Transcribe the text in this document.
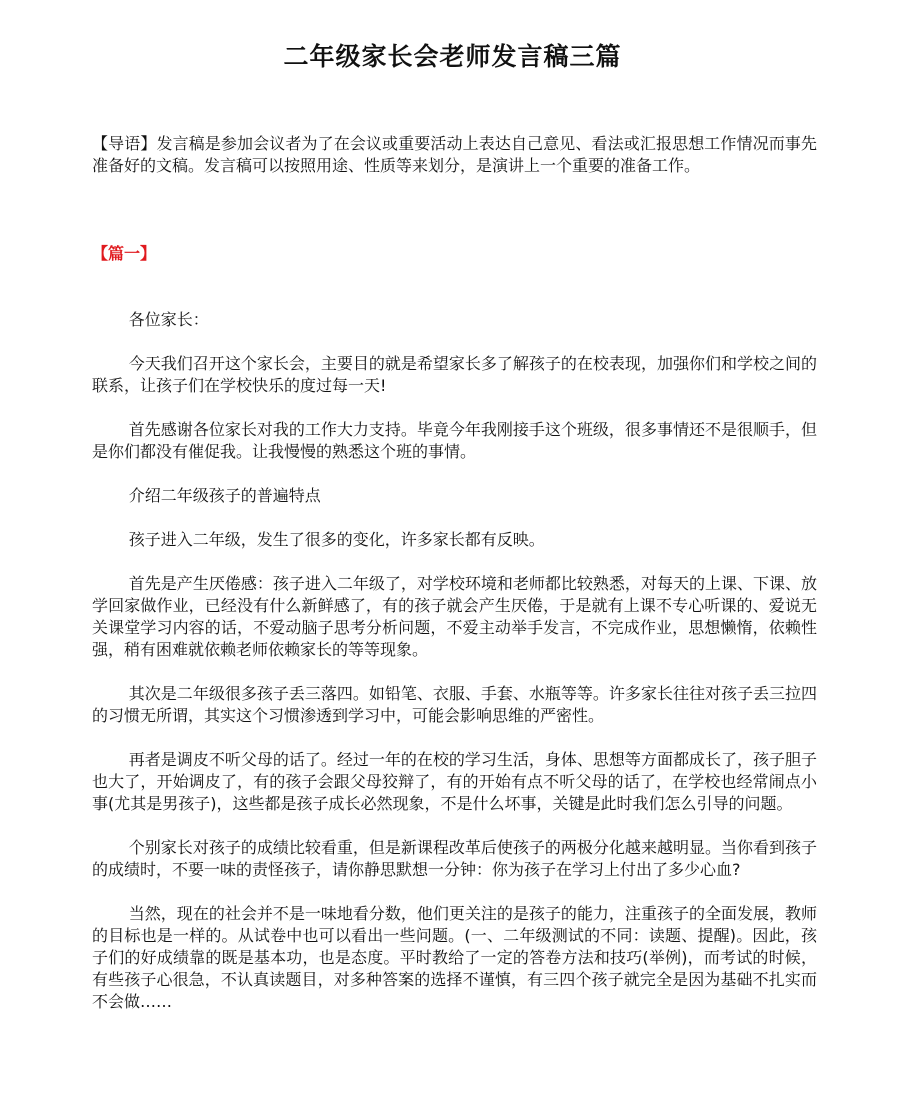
二年级家长会老师发言稿三篇
【导语】发言稿是参加会议者为了在会议或重要活动上表达自己意见、看法或汇报思想工作情况而事先准备好的文稿。发言稿可以按照用途、性质等来划分，是演讲上一个重要的准备工作。
【篇一】

各位家长：

今天我们召开这个家长会，主要目的就是希望家长多了解孩子的在校表现，加强你们和学校之间的联系，让孩子们在学校快乐的度过每一天!

首先感谢各位家长对我的工作大力支持。毕竟今年我刚接手这个班级，很多事情还不是很顺手，但是你们都没有催促我。让我慢慢的熟悉这个班的事情。

介绍二年级孩子的普遍特点

孩子进入二年级，发生了很多的变化，许多家长都有反映。

首先是产生厌倦感：孩子进入二年级了，对学校环境和老师都比较熟悉，对每天的上课、下课、放学回家做作业，已经没有什么新鲜感了，有的孩子就会产生厌倦，于是就有上课不专心听课的、爱说无关课堂学习内容的话，不爱动脑子思考分析问题，不爱主动举手发言，不完成作业，思想懒惰，依赖性强，稍有困难就依赖老师依赖家长的等等现象。

其次是二年级很多孩子丢三落四。如铅笔、衣服、手套、水瓶等等。许多家长往往对孩子丢三拉四的习惯无所谓，其实这个习惯渗透到学习中，可能会影响思维的严密性。

再者是调皮不听父母的话了。经过一年的在校的学习生活，身体、思想等方面都成长了，孩子胆子也大了，开始调皮了，有的孩子会跟父母狡辩了，有的开始有点不听父母的话了，在学校也经常闹点小事(尤其是男孩子)，这些都是孩子成长必然现象，不是什么坏事，关键是此时我们怎么引导的问题。

个别家长对孩子的成绩比较看重，但是新课程改革后使孩子的两极分化越来越明显。当你看到孩子的成绩时，不要一味的责怪孩子，请你静思默想一分钟：你为孩子在学习上付出了多少心血?

当然，现在的社会并不是一味地看分数，他们更关注的是孩子的能力，注重孩子的全面发展，教师的目标也是一样的。从试卷中也可以看出一些问题。(一、二年级测试的不同：读题、提醒)。因此，孩子们的好成绩靠的既是基本功，也是态度。平时教给了一定的答卷方法和技巧(举例)，而考试的时候，有些孩子心很急，不认真读题目，对多种答案的选择不谨慎，有三四个孩子就完全是因为基础不扎实而不会做……
